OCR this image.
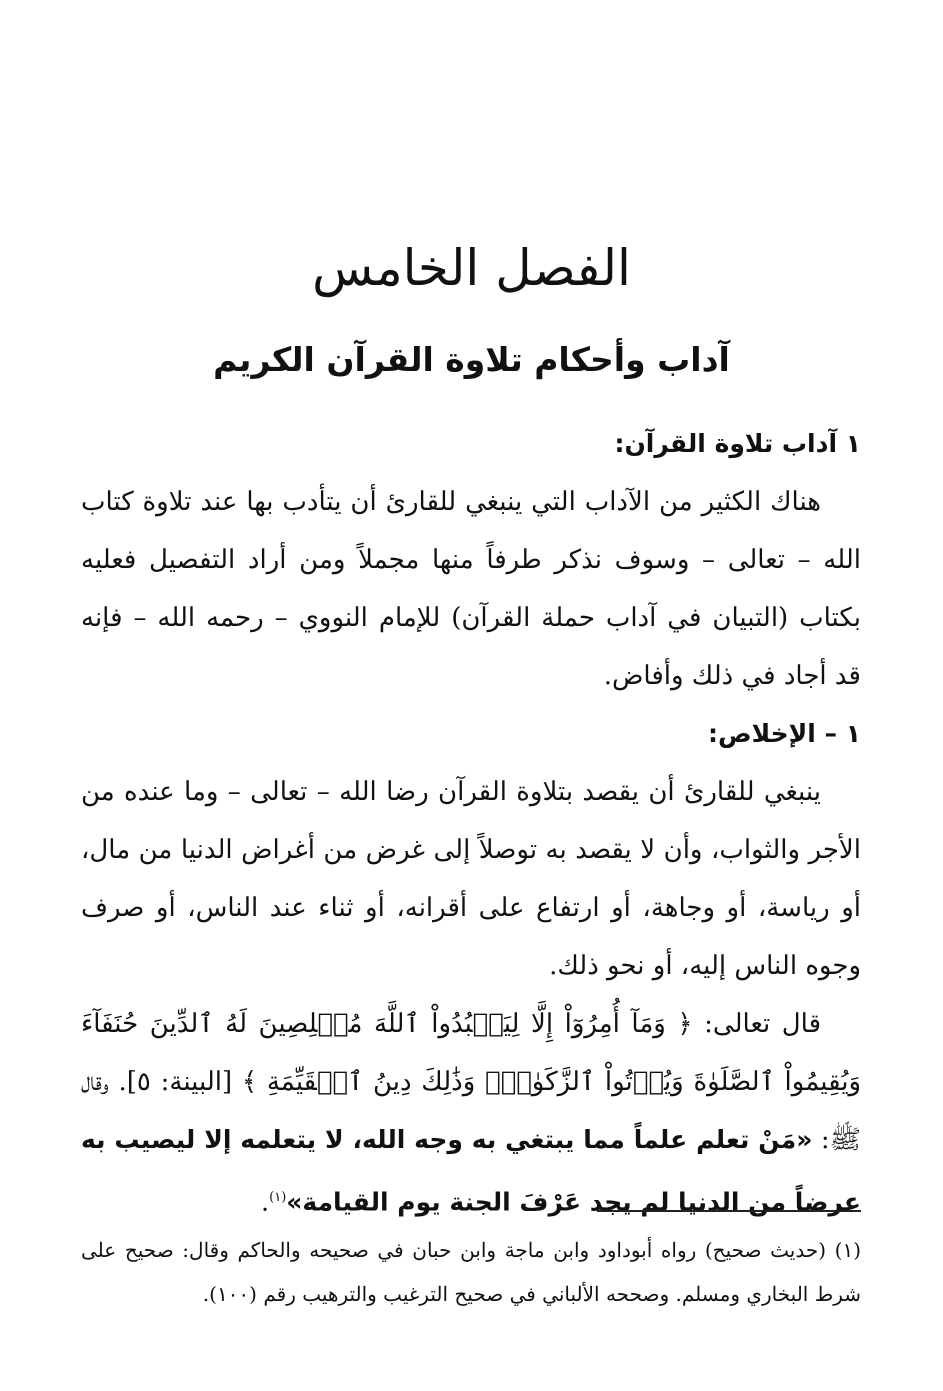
الفصل الخامس
آداب وأحكام تلاوة القرآن الكريم

١ آداب تلاوة القرآن:

هناك الكثير من الآداب التي ينبغي للقارئ أن يتأدب بها عند تلاوة كتاب الله – تعالى – وسوف نذكر طرفاً منها مجملاً ومن أراد التفصيل فعليه بكتاب (التبيان في آداب حملة القرآن) للإمام النووي – رحمه الله – فإنه قد أجاد في ذلك وأفاض.

١ – الإخلاص:

ينبغي للقارئ أن يقصد بتلاوة القرآن رضا الله – تعالى – وما عنده من الأجر والثواب، وأن لا يقصد به توصلاً إلى غرض من أغراض الدنيا من مال، أو رياسة، أو وجاهة، أو ارتفاع على أقرانه، أو ثناء عند الناس، أو صرف وجوه الناس إليه، أو نحو ذلك.

قال تعالى: ﴿ وَمَآ أُمِرُوٓاْ إِلَّا لِيَعۡبُدُواْ ٱللَّهَ مُخۡلِصِينَ لَهُ ٱلدِّينَ حُنَفَآءَ وَيُقِيمُواْ ٱلصَّلَوٰةَ وَيُؤۡتُواْ ٱلزَّكَوٰةَۚ وَذَٰلِكَ دِينُ ٱلۡقَيِّمَةِ ﴾ [البينة: ٥]. وقال ﷺ: «مَنْ تعلم علماً مما يبتغي به وجه الله، لا يتعلمه إلا ليصيب به عرضاً من الدنيا لم يجد عَرْفَ الجنة يوم القيامة»$^{(١)}$.

(١) (حديث صحيح) رواه أبوداود وابن ماجة وابن حبان في صحيحه والحاكم وقال: صحيح على شرط البخاري ومسلم. وصححه الألباني في صحيح الترغيب والترهيب رقم (١٠٠).
